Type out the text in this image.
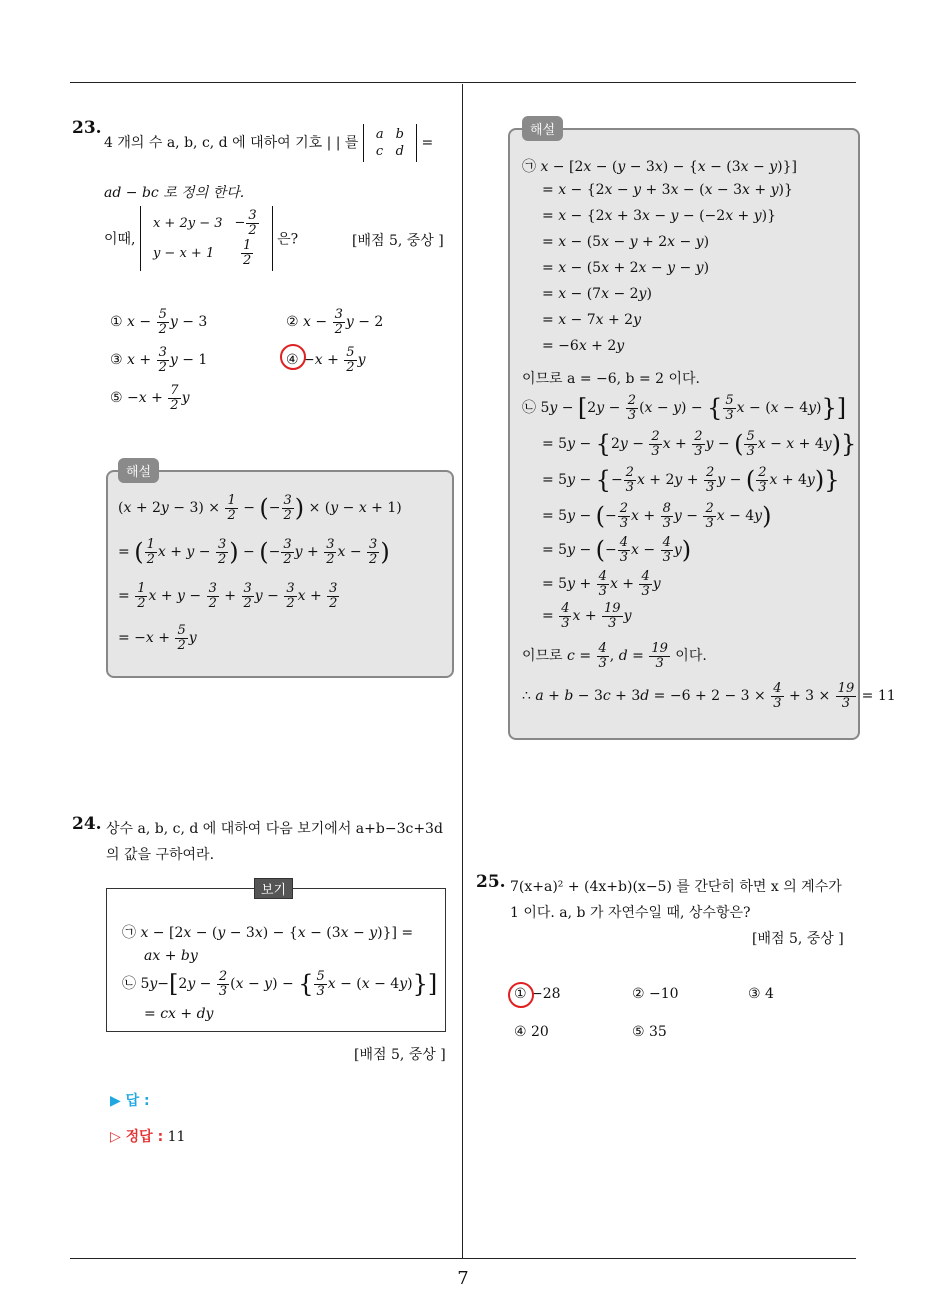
23.
4 개의 수 a, b, c, d 에 대하여 기호 | | 를
a	b
c	d
=
ad − bc 로 정의 한다.
이때,
x + 2y − 3	− $\frac{3}{2}$

y − x + 1	$\frac{1}{2}$ 은?	[배점 5, 중상 ]
① $x - \frac{5}{2}$ y − 3	② $x - \frac{3}{2}$ y − 2
③ $x + \frac{3}{2}$ y − 1	④ $-x + \frac{5}{2}$ y
⑤ $-x + \frac{7}{2}$ y
해설
$(x + 2y - 3) \times \frac{1}{2}$ − (− $\frac{3}{2}$ ) × (y − x + 1)
= ( $\frac{1}{2}$ $x + y - \frac{3}{2}$ ) − (− $\frac{3}{2}$ $y + \frac{3}{2}$ $x - \frac{3}{2}$ )
= $\frac{1}{2}$ $x + y - \frac{3}{2} + \frac{3}{2}$ $y - \frac{3}{2}$ $x + \frac{3}{2}$
= $-x + \frac{5}{2}$ y
24. 상수 a, b, c, d 에 대하여 다음 보기에서 a+b−3c+3d
의 값을 구하여라.
보기
㉠ x − [2x − (y − 3x) − {x − (3x − y)}] =
ax + by
㉡ $5y-[2y - \frac{2}{3} (x - y)$ − { $\frac{5}{3}$ x − (x − 4y)}]
= cx + dy
[배점 5, 중상 ]
▶ 답 :
▷ 정답 : 11
해설
㉠ x − [2x − (y − 3x) − {x − (3x − y)}]
= x − {2x − y + 3x − (x − 3x + y)}
= x − {2x + 3x − y − (−2x + y)}
= x − (5x − y + 2x − y)
= x − (5x + 2x − y − y)
= x − (7x − 2y)
= x − 7x + 2y
= −6x + 2y
이므로 a = −6, b = 2 이다.
㉡ $5y - [2y - \frac{2}{3} (x - y)$ − { $\frac{5}{3}$ x − (x − 4y)}]
= $5y - \{2y - \frac{2}{3}$ $x + \frac{2}{3}$ y − ( $\frac{5}{3}$ x − x + 4y)}
= 5y − {− $\frac{2}{3}$ $x + 2y + \frac{2}{3}$ y − ( $\frac{2}{3}$ x + 4y)}
= 5y − (− $\frac{2}{3}$ $x + \frac{8}{3}$ $y - \frac{2}{3}$ x − 4y)
= 5y − (− $\frac{4}{3}$ $x - \frac{4}{3} y$)
= $5y + \frac{4}{3}$ $x + \frac{4}{3}$ y
= $\frac{4}{3}$ $x + \frac{19}{3}$ y
이므로 $c = \frac{4}{3}$ , $d = \frac{19}{3}$ 이다.
∴ $a + b - 3c + 3d = -6 + 2 - 3 \times \frac{4}{3} + 3 \times \frac{19}{3} = 11$
25. 7(x+a)² + (4x+b)(x−5) 를 간단히 하면 x 의 계수가
1 이다. a, b 가 자연수일 때, 상수항은?
[배점 5, 중상 ]
① −28	② −10	③ 4
④ 20	⑤ 35
7
